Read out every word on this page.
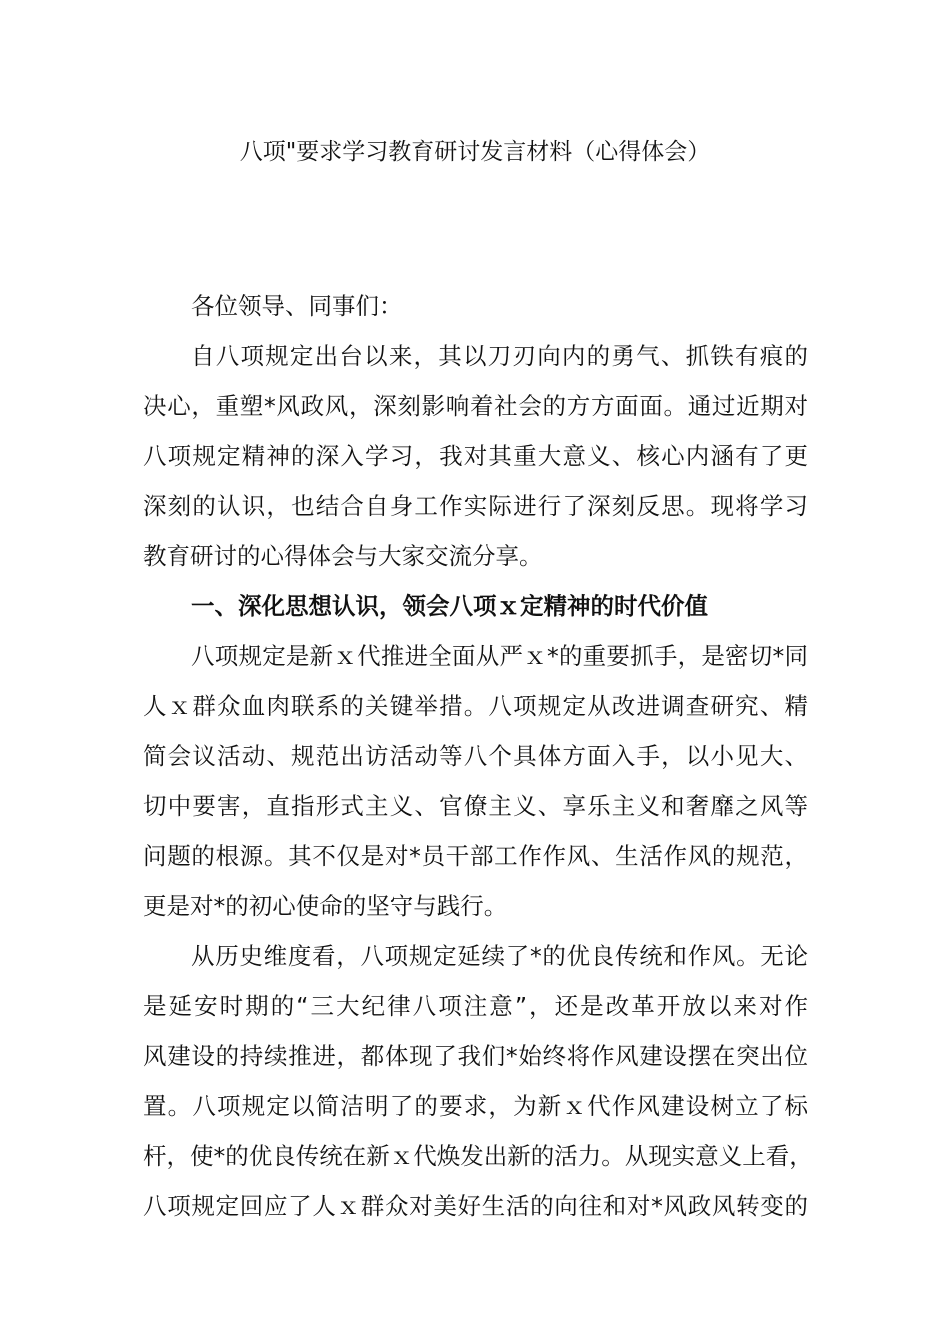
八项"要求学习教育研讨发言材料（心得体会）
各位领导、同事们：
自八项规定出台以来，其以刀刃向内的勇气、抓铁有痕的
决心，重塑*风政风，深刻影响着社会的方方面面。通过近期对
八项规定精神的深入学习，我对其重大意义、核心内涵有了更
深刻的认识，也结合自身工作实际进行了深刻反思。现将学习
教育研讨的心得体会与大家交流分享。
一、深化思想认识，领会八项ｘ定精神的时代价值
八项规定是新ｘ代推进全面从严ｘ*的重要抓手，是密切*同
人ｘ群众血肉联系的关键举措。八项规定从改进调查研究、精
简会议活动、规范出访活动等八个具体方面入手，以小见大、
切中要害，直指形式主义、官僚主义、享乐主义和奢靡之风等
问题的根源。其不仅是对*员干部工作作风、生活作风的规范，
更是对*的初心使命的坚守与践行。
从历史维度看，八项规定延续了*的优良传统和作风。无论
是延安时期的“三大纪律八项注意”，还是改革开放以来对作
风建设的持续推进，都体现了我们*始终将作风建设摆在突出位
置。八项规定以简洁明了的要求，为新ｘ代作风建设树立了标
杆，使*的优良传统在新ｘ代焕发出新的活力。从现实意义上看，
八项规定回应了人ｘ群众对美好生活的向往和对*风政风转变的
